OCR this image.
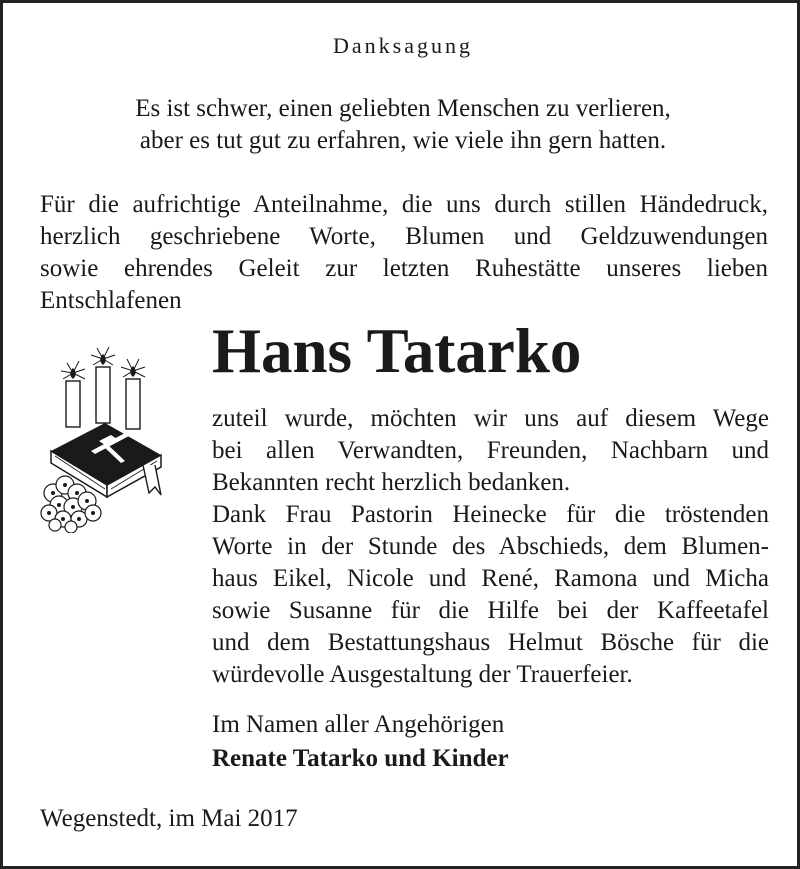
Danksagung
Es ist schwer, einen geliebten Menschen zu verlieren,
aber es tut gut zu erfahren, wie viele ihn gern hatten.
Für die aufrichtige Anteilnahme, die uns durch stillen Händedruck,
herzlich geschriebene Worte, Blumen und Geldzuwendungen
sowie ehrendes Geleit zur letzten Ruhestätte unseres lieben
Entschlafenen
Hans Tatarko
zuteil wurde, möchten wir uns auf diesem Wege
bei allen Verwandten, Freunden, Nachbarn und
Bekannten recht herzlich bedanken.
Dank Frau Pastorin Heinecke für die tröstenden
Worte in der Stunde des Abschieds, dem Blumen-
haus Eikel, Nicole und René, Ramona und Micha
sowie Susanne für die Hilfe bei der Kaffeetafel
und dem Bestattungshaus Helmut Bösche für die
würdevolle Ausgestaltung der Trauerfeier.
Im Namen aller Angehörigen
Renate Tatarko und Kinder
Wegenstedt, im Mai 2017
